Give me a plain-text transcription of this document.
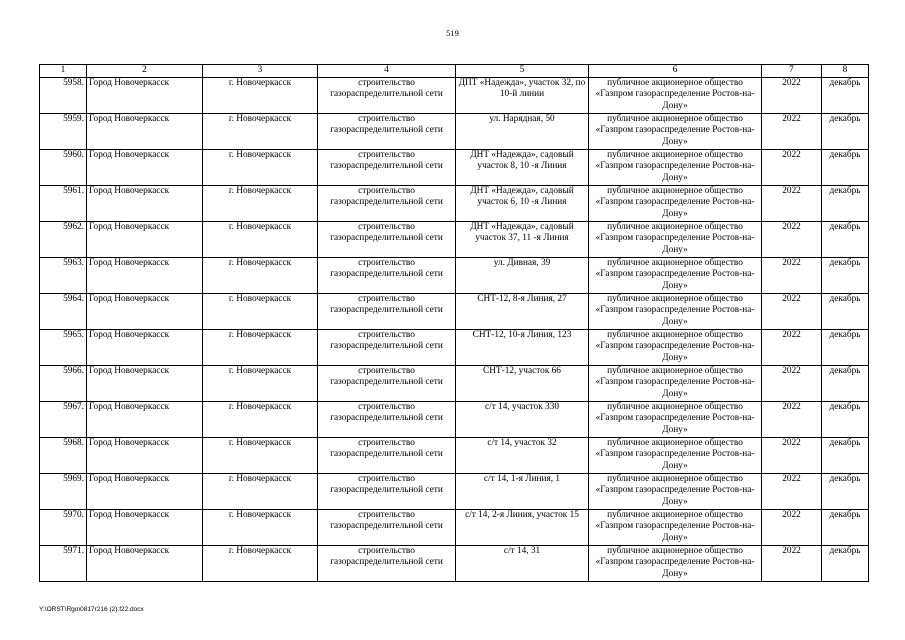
519
1	2	3	4	5	6	7	8
5958.	Город Новочеркасск	г. Новочеркасск	строительство газораспределительной сети	ДПТ «Надежда», участок 32, по 10-й линии	публичное акционерное общество «Газпром газораспределение Ростов-на-Дону»	2022	декабрь
5959.	Город Новочеркасск	г. Новочеркасск	строительство газораспределительной сети	ул. Нарядная, 50	публичное акционерное общество «Газпром газораспределение Ростов-на-Дону»	2022	декабрь
5960.	Город Новочеркасск	г. Новочеркасск	строительство газораспределительной сети	ДНТ «Надежда», садовый участок 8, 10 -я Линия	публичное акционерное общество «Газпром газораспределение Ростов-на-Дону»	2022	декабрь
5961.	Город Новочеркасск	г. Новочеркасск	строительство газораспределительной сети	ДНТ «Надежда», садовый участок 6, 10 -я Линия	публичное акционерное общество «Газпром газораспределение Ростов-на-Дону»	2022	декабрь
5962.	Город Новочеркасск	г. Новочеркасск	строительство газораспределительной сети	ДНТ «Надежда», садовый участок 37, 11 -я Линия	публичное акционерное общество «Газпром газораспределение Ростов-на-Дону»	2022	декабрь
5963.	Город Новочеркасск	г. Новочеркасск	строительство газораспределительной сети	ул. Дивная, 39	публичное акционерное общество «Газпром газораспределение Ростов-на-Дону»	2022	декабрь
5964.	Город Новочеркасск	г. Новочеркасск	строительство газораспределительной сети	СНТ-12, 8-я Линия, 27	публичное акционерное общество «Газпром газораспределение Ростов-на-Дону»	2022	декабрь
5965.	Город Новочеркасск	г. Новочеркасск	строительство газораспределительной сети	СНТ-12, 10-я Линия, 123	публичное акционерное общество «Газпром газораспределение Ростов-на-Дону»	2022	декабрь
5966.	Город Новочеркасск	г. Новочеркасск	строительство газораспределительной сети	СНТ-12, участок 66	публичное акционерное общество «Газпром газораспределение Ростов-на-Дону»	2022	декабрь
5967.	Город Новочеркасск	г. Новочеркасск	строительство газораспределительной сети	с/т 14, участок 330	публичное акционерное общество «Газпром газораспределение Ростов-на-Дону»	2022	декабрь
5968.	Город Новочеркасск	г. Новочеркасск	строительство газораспределительной сети	с/т 14, участок 32	публичное акционерное общество «Газпром газораспределение Ростов-на-Дону»	2022	декабрь
5969.	Город Новочеркасск	г. Новочеркасск	строительство газораспределительной сети	с/т 14, 1-я Линия, 1	публичное акционерное общество «Газпром газораспределение Ростов-на-Дону»	2022	декабрь
5970.	Город Новочеркасск	г. Новочеркасск	строительство газораспределительной сети	с/т 14, 2-я Линия, участок 15	публичное акционерное общество «Газпром газораспределение Ростов-на-Дону»	2022	декабрь
5971.	Город Новочеркасск	г. Новочеркасск	строительство газораспределительной сети	с/т 14, 31	публичное акционерное общество «Газпром газораспределение Ростов-на-Дону»	2022	декабрь
Y:\ORST\Rgo\0817r216 (2).f22.docx
